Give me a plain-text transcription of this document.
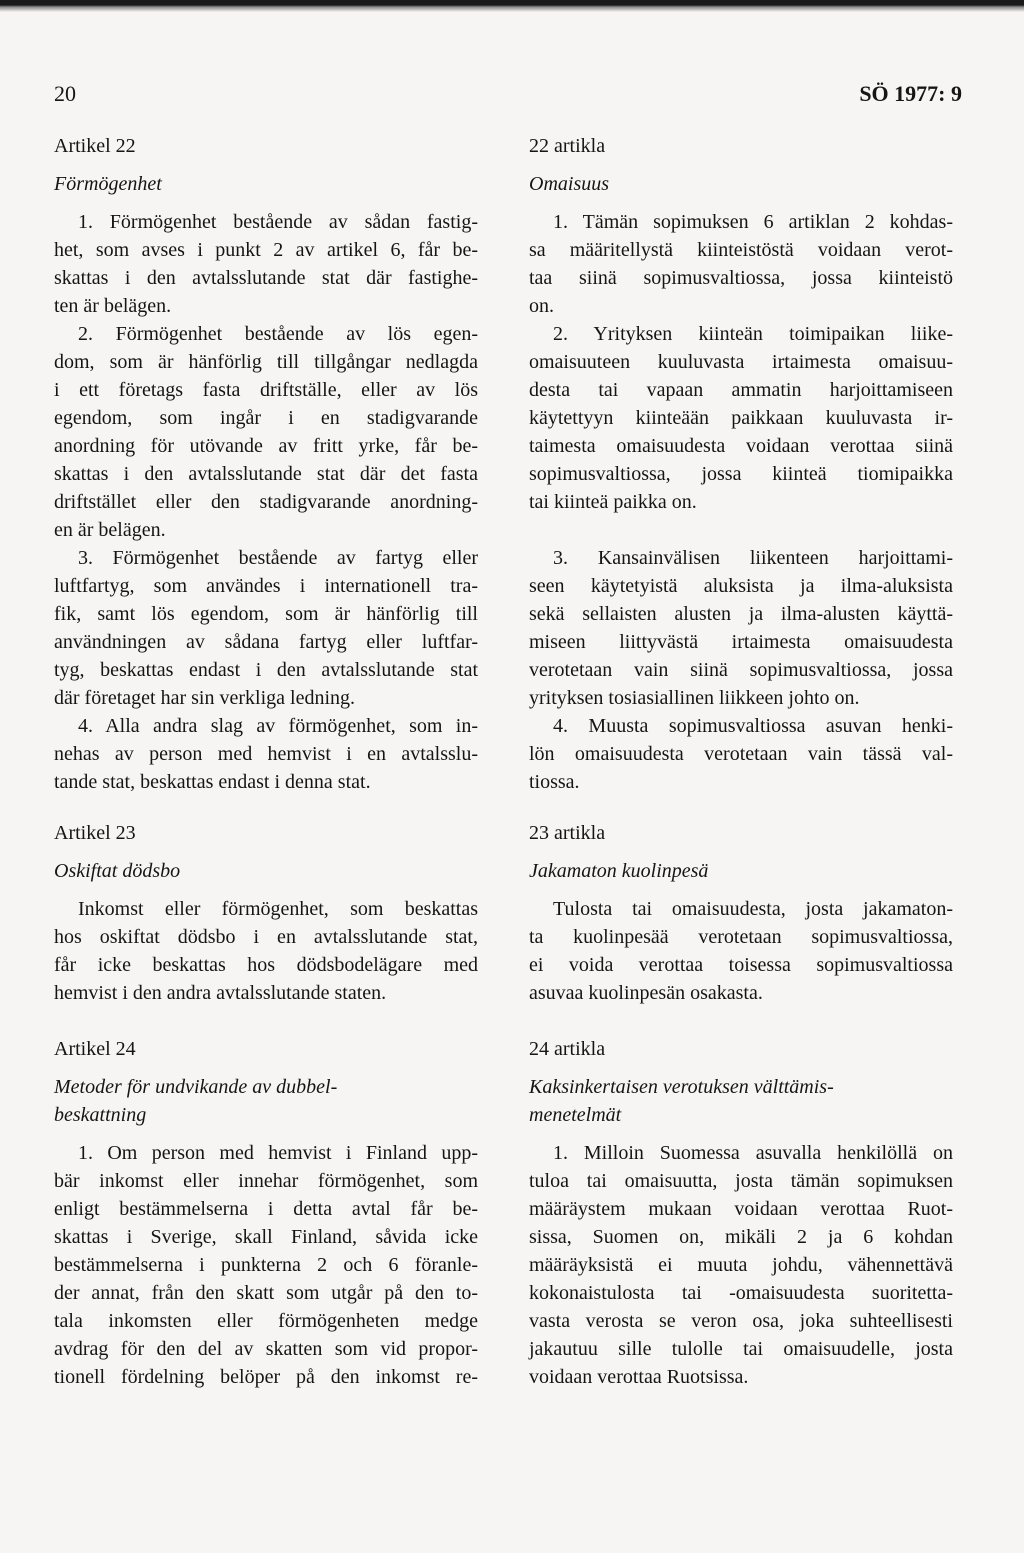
20	SÖ 1977: 9
Artikel 22
Förmögenhet
1. Förmögenhet bestående av sådan fastig-
het, som avses i punkt 2 av artikel 6, får be-
skattas i den avtalsslutande stat där fastighe-
ten är belägen.
2. Förmögenhet bestående av lös egen-
dom, som är hänförlig till tillgångar nedlagda
i ett företags fasta driftställe, eller av lös
egendom, som ingår i en stadigvarande
anordning för utövande av fritt yrke, får be-
skattas i den avtalsslutande stat där det fasta
driftstället eller den stadigvarande anordning-
en är belägen.
3. Förmögenhet bestående av fartyg eller
luftfartyg, som användes i internationell tra-
fik, samt lös egendom, som är hänförlig till
användningen av sådana fartyg eller luftfar-
tyg, beskattas endast i den avtalsslutande stat
där företaget har sin verkliga ledning.
4. Alla andra slag av förmögenhet, som in-
nehas av person med hemvist i en avtalsslu-
tande stat, beskattas endast i denna stat.
Artikel 23
Oskiftat dödsbo
Inkomst eller förmögenhet, som beskattas
hos oskiftat dödsbo i en avtalsslutande stat,
får icke beskattas hos dödsbodelägare med
hemvist i den andra avtalsslutande staten.
Artikel 24
Metoder för undvikande av dubbel-
beskattning
1. Om person med hemvist i Finland upp-
bär inkomst eller innehar förmögenhet, som
enligt bestämmelserna i detta avtal får be-
skattas i Sverige, skall Finland, såvida icke
bestämmelserna i punkterna 2 och 6 föranle-
der annat, från den skatt som utgår på den to-
tala inkomsten eller förmögenheten medge
avdrag för den del av skatten som vid propor-
tionell fördelning belöper på den inkomst re-
22 artikla
Omaisuus
1. Tämän sopimuksen 6 artiklan 2 kohdas-
sa määritellystä kiinteistöstä voidaan verot-
taa siinä sopimusvaltiossa, jossa kiinteistö
on.
2. Yrityksen kiinteän toimipaikan liike-
omaisuuteen kuuluvasta irtaimesta omaisuu-
desta tai vapaan ammatin harjoittamiseen
käytettyyn kiinteään paikkaan kuuluvasta ir-
taimesta omaisuudesta voidaan verottaa siinä
sopimusvaltiossa, jossa kiinteä tiomipaikka
tai kiinteä paikka on.
3. Kansainvälisen liikenteen harjoittami-
seen käytetyistä aluksista ja ilma-aluksista
sekä sellaisten alusten ja ilma-alusten käyttä-
miseen liittyvästä irtaimesta omaisuudesta
verotetaan vain siinä sopimusvaltiossa, jossa
yrityksen tosiasiallinen liikkeen johto on.
4. Muusta sopimusvaltiossa asuvan henki-
lön omaisuudesta verotetaan vain tässä val-
tiossa.
23 artikla
Jakamaton kuolinpesä
Tulosta tai omaisuudesta, josta jakamaton-
ta kuolinpesää verotetaan sopimusvaltiossa,
ei voida verottaa toisessa sopimusvaltiossa
asuvaa kuolinpesän osakasta.
24 artikla
Kaksinkertaisen verotuksen välttämis-
menetelmät
1. Milloin Suomessa asuvalla henkilöllä on
tuloa tai omaisuutta, josta tämän sopimuksen
määräystem mukaan voidaan verottaa Ruot-
sissa, Suomen on, mikäli 2 ja 6 kohdan
määräyksistä ei muuta johdu, vähennettävä
kokonaistulosta tai -omaisuudesta suoritetta-
vasta verosta se veron osa, joka suhteellisesti
jakautuu sille tulolle tai omaisuudelle, josta
voidaan verottaa Ruotsissa.
